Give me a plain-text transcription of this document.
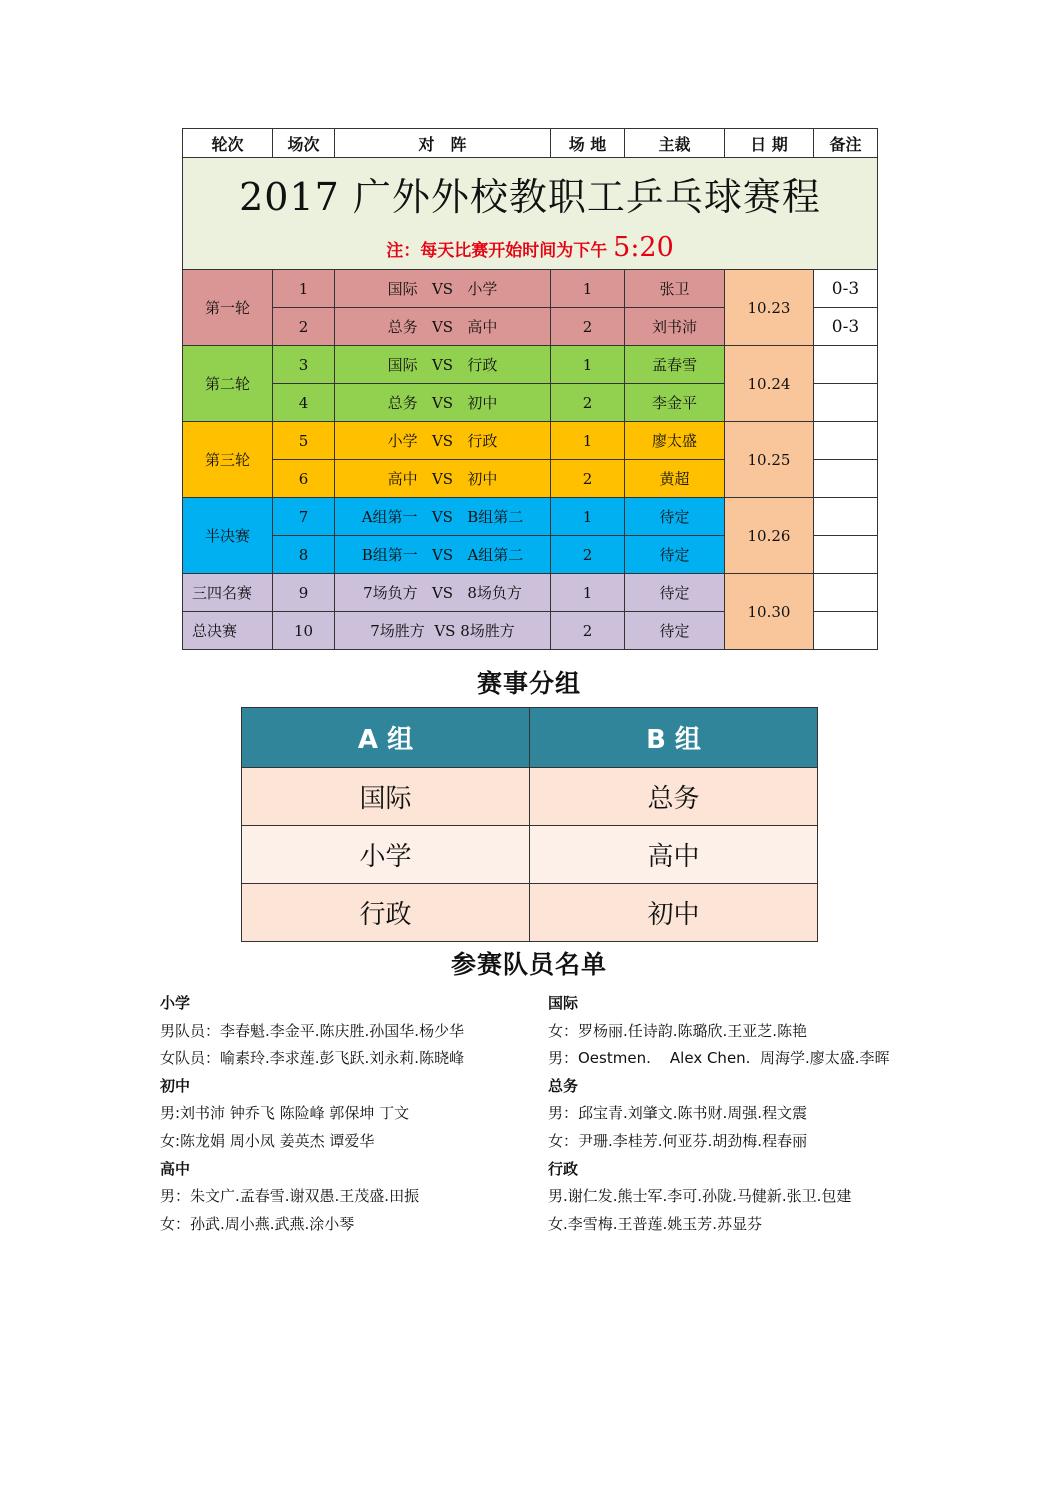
2017 广外外校教职工乒乓球赛程
注：每天比赛开始时间为下午 5:20						

轮次	场次	对　阵	场 地	主裁	日 期	备注
第一轮	1	国际 VS 小学	1	张卫	10.23	0-3
	2	总务 VS 高中	2	刘书沛		0-3
第二轮	3	国际 VS 行政	1	孟春雪	10.24	
	4	总务 VS 初中	2	李金平		
第三轮	5	小学 VS 行政	1	廖太盛	10.25	
	6	高中 VS 初中	2	黄超		
半决赛	7	A组第一 VS B组第二	1	待定	10.26	
	8	B组第一 VS A组第二	2	待定		
三四名赛	9	7场负方 VS 8场负方	1	待定	10.30	
总决赛	10	7场胜方 VS 8场胜方	2	待定		
赛事分组
A 组	B 组
国际	总务
小学	高中
行政	初中
参赛队员名单
小学
男队员：李春魁.李金平.陈庆胜.孙国华.杨少华
女队员：喻素玲.李求莲.彭飞跃.刘永莉.陈晓峰
初中
男:刘书沛 钟乔飞 陈险峰 郭保坤 丁文
女:陈龙娟 周小凤 姜英杰 谭爱华
高中
男：朱文广.孟春雪.谢双愚.王茂盛.田振
女：孙武.周小燕.武燕.涂小琴
国际
女：罗杨丽.任诗韵.陈璐欣.王亚芝.陈艳
男：Oestmen.    Alex Chen.  周海学.廖太盛.李晖
总务
男：邱宝青.刘肇文.陈书财.周强.程文震
女：尹珊.李桂芳.何亚芬.胡劲梅.程春丽
行政
男.谢仁发.熊士军.李可.孙陇.马健新.张卫.包建
女.李雪梅.王普莲.姚玉芳.苏显芬
